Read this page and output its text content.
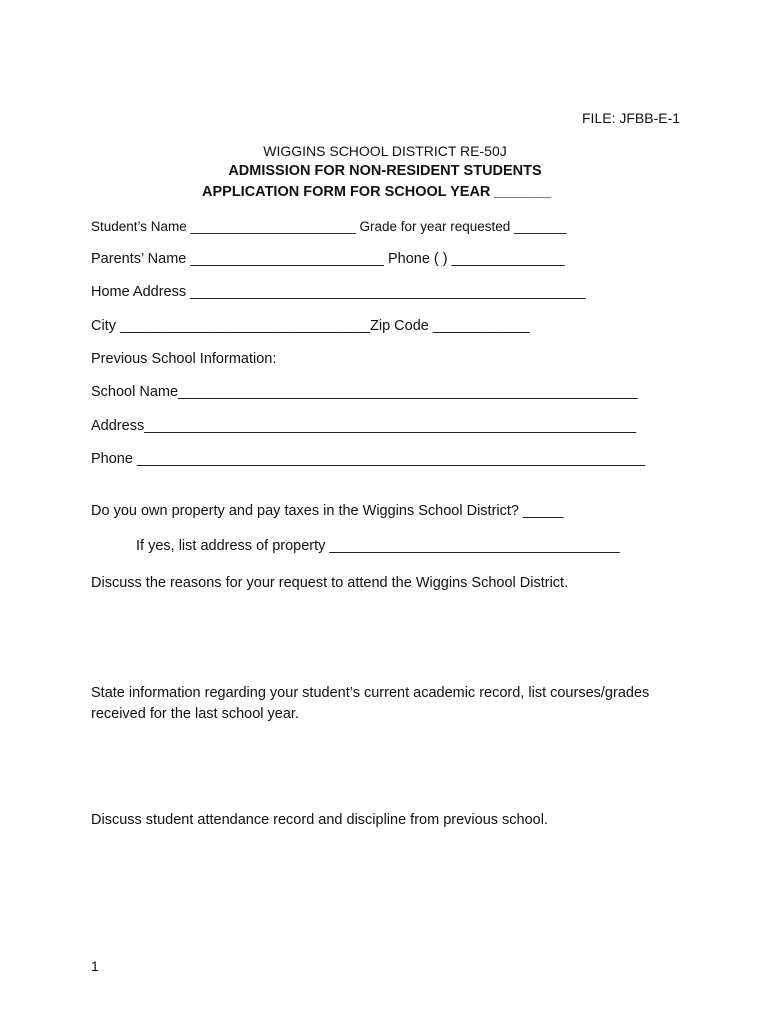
FILE: JFBB-E-1
WIGGINS SCHOOL DISTRICT RE-50J
ADMISSION FOR NON-RESIDENT STUDENTS
APPLICATION FORM FOR SCHOOL YEAR _______
Student’s Name ______________________ Grade for year requested _______
Parents’ Name ________________________ Phone ( ) ______________
Home Address _________________________________________________
City _______________________________Zip Code ____________
Previous School Information:
School Name_________________________________________________________
Address_____________________________________________________________
Phone _______________________________________________________________
Do you own property and pay taxes in the Wiggins School District? _____
If yes, list address of property ____________________________________
Discuss the reasons for your request to attend the Wiggins School District.
State information regarding your student’s current academic record, list courses/grades received for the last school year.
Discuss student attendance record and discipline from previous school.
1
